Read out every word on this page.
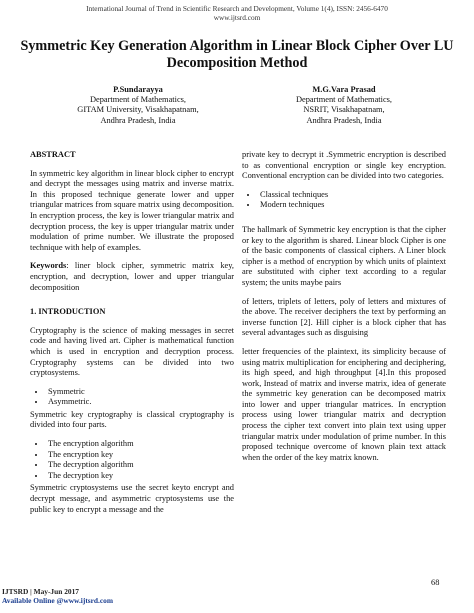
International Journal of Trend in Scientific Research and Development, Volume 1(4), ISSN: 2456-6470
www.ijtsrd.com
Symmetric Key Generation Algorithm in Linear Block Cipher Over LU Decomposition Method
P.Sundarayya
Department of Mathematics,
GITAM University, Visakhapatnam,
Andhra Pradesh, India
M.G.Vara Prasad
Department of Mathematics,
NSRIT, Visakhapatnam,
Andhra Pradesh, India
ABSTRACT

In symmetric key algorithm in linear block cipher to encrypt and decrypt the messages using matrix and inverse matrix. In this proposed technique generate lower and upper triangular matrices from square matrix using decomposition. In encryption process, the key is lower triangular matrix and decryption process, the key is upper triangular matrix under modulation of prime number. We illustrate the proposed technique with help of examples.

Keywords: liner block cipher, symmetric matrix key, encryption, and decryption, lower and upper triangular decomposition

1. INTRODUCTION

Cryptography is the science of making messages in secret code and having lived art. Cipher is mathematical function which is used in encryption and decryption process. Cryptography systems can be divided into two cryptosystems.

• Symmetric
• Asymmetric.

Symmetric key cryptography is classical cryptography is divided into four parts.

• The encryption algorithm
• The encryption key
• The decryption algorithm
• The decryption key

Symmetric cryptosystems use the secret keyto encrypt and decrypt message, and asymmetric cryptosystems use the public key to encrypt a message and the

private key to decrypt it .Symmetric encryption is described to as conventional encryption or single key encryption. Conventional encryption can be divided into two categories.

• Classical techniques
• Modern techniques

The hallmark of Symmetric key encryption is that the cipher or key to the algorithm is shared. Linear block Cipher is one of the basic components of classical ciphers. A Liner block cipher is a method of encryption by which units of plaintext are substituted with cipher text according to a regular system; the units maybe pairs

of letters, triplets of letters, poly of letters and mixtures of the above. The receiver deciphers the text by performing an inverse function [2]. Hill cipher is a block cipher that has several advantages such as disguising

letter frequencies of the plaintext, its simplicity because of using matrix multiplication for enciphering and deciphering, its high speed, and high throughput [4].In this proposed work, Instead of matrix and inverse matrix, idea of generate the symmetric key generation can be decomposed matrix into lower and upper triangular matrices. In encryption process using lower triangular matrix and decryption process the cipher text convert into plain text using upper triangular matrix under modulation of prime number. In this proposed technique overcome of known plain text attack when the order of the key matrix known.

68
IJTSRD | May-Jun 2017
Available Online @www.ijtsrd.com
